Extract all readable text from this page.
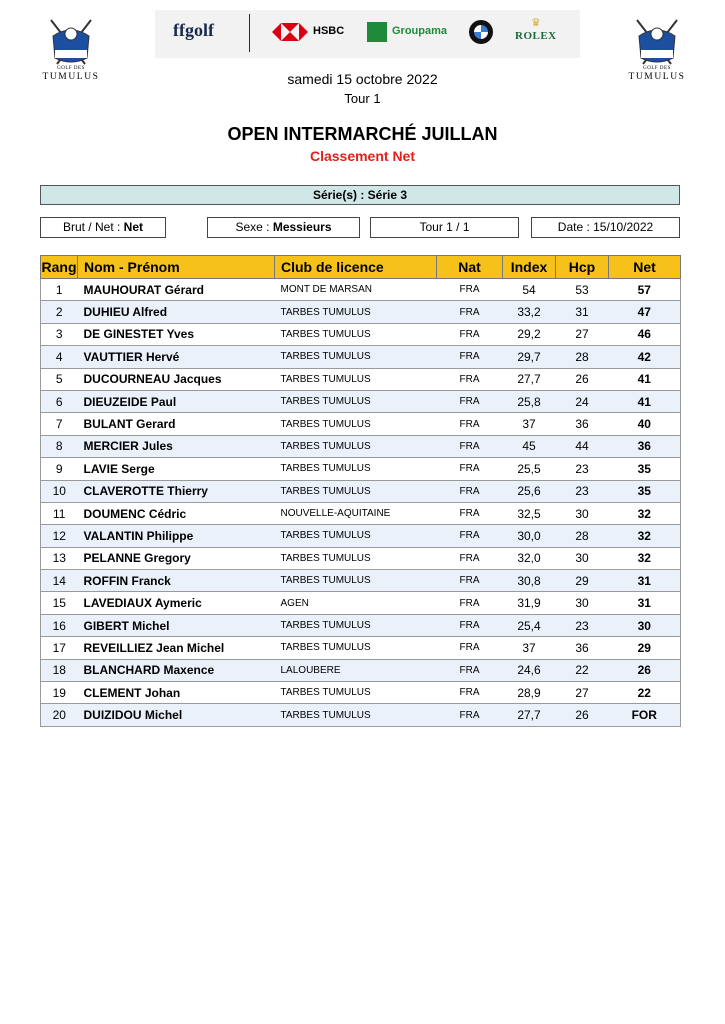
GOLF DES
TUMULUS
ffgolf	HSBC	Groupama
♛
ROLEX
GOLF DES
TUMULUS
samedi 15 octobre 2022
Tour 1
OPEN INTERMARCHÉ JUILLAN
Classement Net
Série(s) : Série 3
Brut / Net : Net	Sexe : Messieurs	Tour 1 / 1	Date : 15/10/2022
Rang	Nom - Prénom	Club de licence	Nat	Index	Hcp	Net
1	MAUHOURAT Gérard	MONT DE MARSAN	FRA	54	53	57
2	DUHIEU Alfred	TARBES TUMULUS	FRA	33,2	31	47
3	DE GINESTET Yves	TARBES TUMULUS	FRA	29,2	27	46
4	VAUTTIER Hervé	TARBES TUMULUS	FRA	29,7	28	42
5	DUCOURNEAU Jacques	TARBES TUMULUS	FRA	27,7	26	41
6	DIEUZEIDE Paul	TARBES TUMULUS	FRA	25,8	24	41
7	BULANT Gerard	TARBES TUMULUS	FRA	37	36	40
8	MERCIER Jules	TARBES TUMULUS	FRA	45	44	36
9	LAVIE Serge	TARBES TUMULUS	FRA	25,5	23	35
10	CLAVEROTTE Thierry	TARBES TUMULUS	FRA	25,6	23	35
11	DOUMENC Cédric	NOUVELLE-AQUITAINE	FRA	32,5	30	32
12	VALANTIN Philippe	TARBES TUMULUS	FRA	30,0	28	32
13	PELANNE Gregory	TARBES TUMULUS	FRA	32,0	30	32
14	ROFFIN Franck	TARBES TUMULUS	FRA	30,8	29	31
15	LAVEDIAUX Aymeric	AGEN	FRA	31,9	30	31
16	GIBERT Michel	TARBES TUMULUS	FRA	25,4	23	30
17	REVEILLIEZ Jean Michel	TARBES TUMULUS	FRA	37	36	29
18	BLANCHARD Maxence	LALOUBERE	FRA	24,6	22	26
19	CLEMENT Johan	TARBES TUMULUS	FRA	28,9	27	22
20	DUIZIDOU Michel	TARBES TUMULUS	FRA	27,7	26	FOR
